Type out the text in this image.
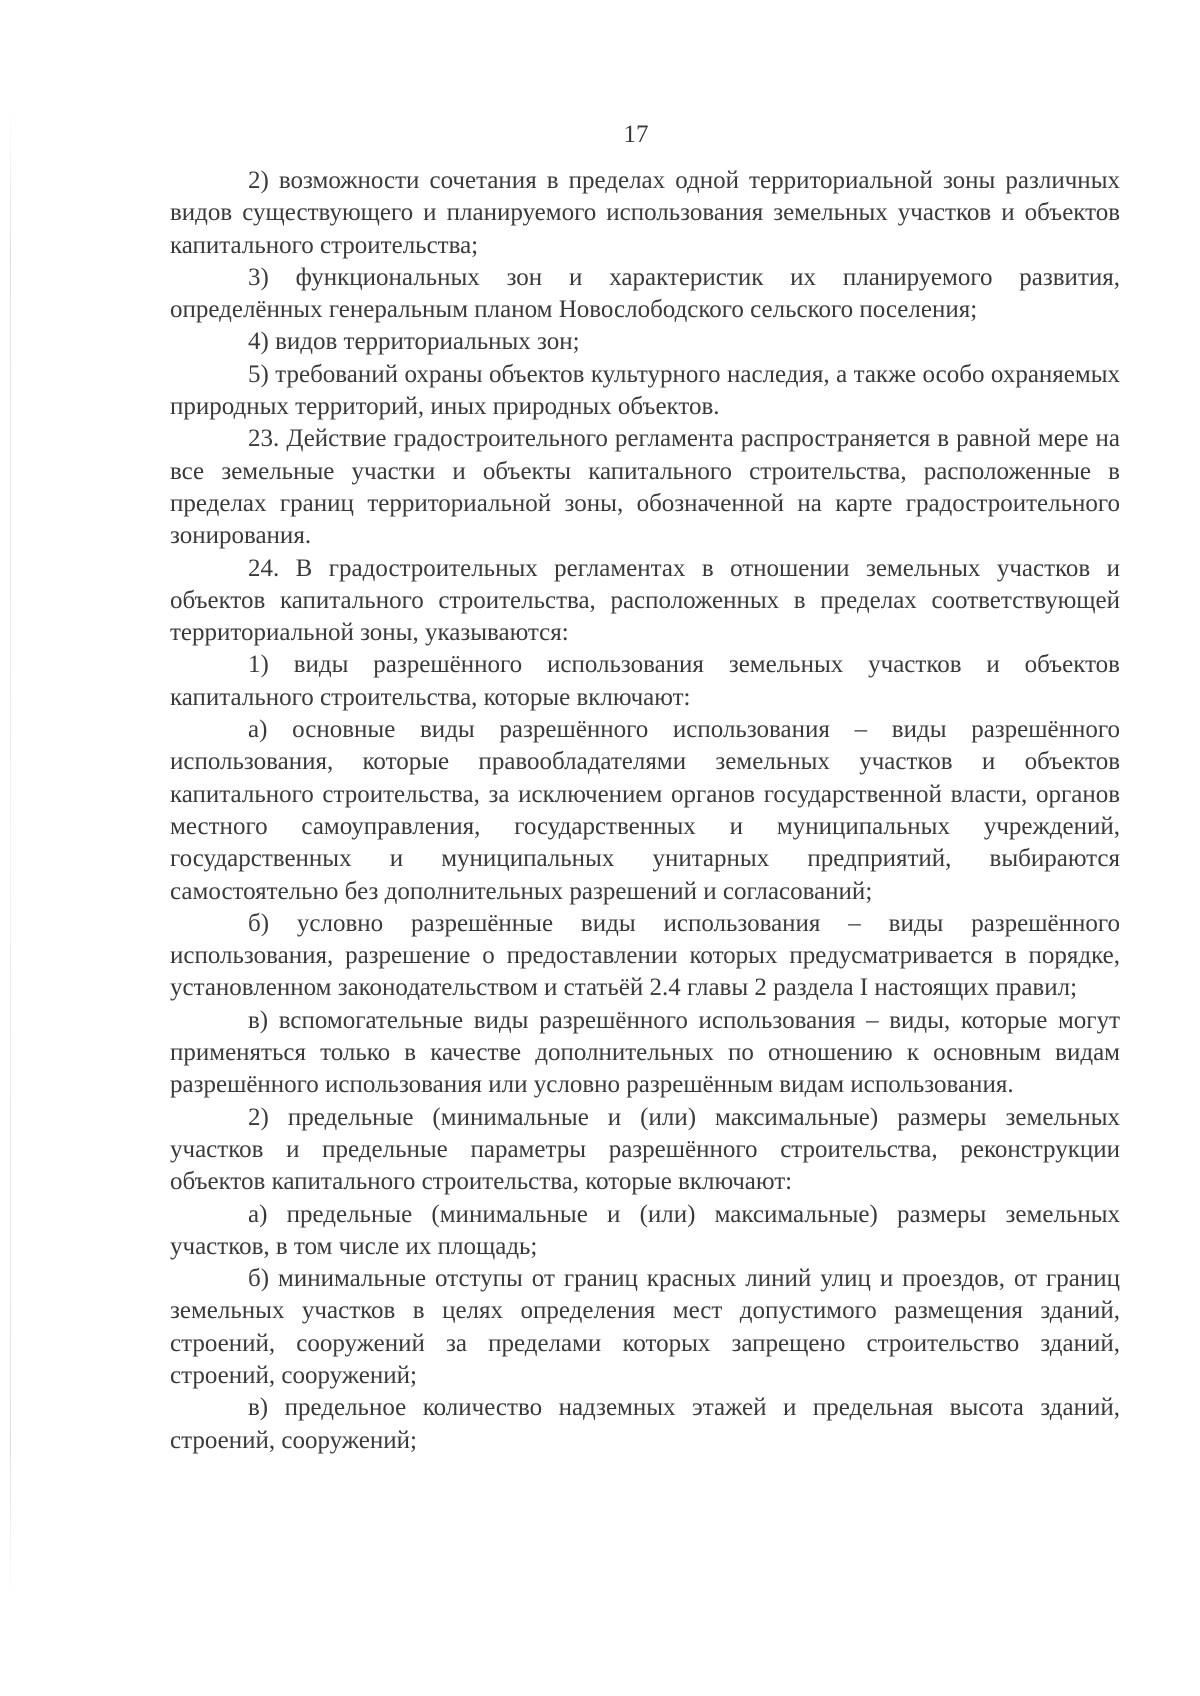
17

2) возможности сочетания в пределах одной территориальной зоны различных видов существующего и планируемого использования земельных участков и объектов капитального строительства;

3) функциональных зон и характеристик их планируемого развития, определённых генеральным планом Новослободского сельского поселения;

4) видов территориальных зон;

5) требований охраны объектов культурного наследия, а также особо охраняемых природных территорий, иных природных объектов.

23. Действие градостроительного регламента распространяется в равной мере на все земельные участки и объекты капитального строительства, расположенные в пределах границ территориальной зоны, обозначенной на карте градостроительного зонирования.

24. В градостроительных регламентах в отношении земельных участков и объектов капитального строительства, расположенных в пределах соответствующей территориальной зоны, указываются:

1) виды разрешённого использования земельных участков и объектов капитального строительства, которые включают:

а) основные виды разрешённого использования – виды разрешённого использования, которые правообладателями земельных участков и объектов капитального строительства, за исключением органов государственной власти, органов местного самоуправления, государственных и муниципальных учреждений, государственных и муниципальных унитарных предприятий, выбираются самостоятельно без дополнительных разрешений и согласований;

б) условно разрешённые виды использования – виды разрешённого использования, разрешение о предоставлении которых предусматривается в порядке, установленном законодательством и статьёй 2.4 главы 2 раздела I настоящих правил;

в) вспомогательные виды разрешённого использования – виды, которые могут применяться только в качестве дополнительных по отношению к основным видам разрешённого использования или условно разрешённым видам использования.

2) предельные (минимальные и (или) максимальные) размеры земельных участков и предельные параметры разрешённого строительства, реконструкции объектов капитального строительства, которые включают:

а) предельные (минимальные и (или) максимальные) размеры земельных участков, в том числе их площадь;

б) минимальные отступы от границ красных линий улиц и проездов, от границ земельных участков в целях определения мест допустимого размещения зданий, строений, сооружений за пределами которых запрещено строительство зданий, строений, сооружений;

в) предельное количество надземных этажей и предельная высота зданий, строений, сооружений;
